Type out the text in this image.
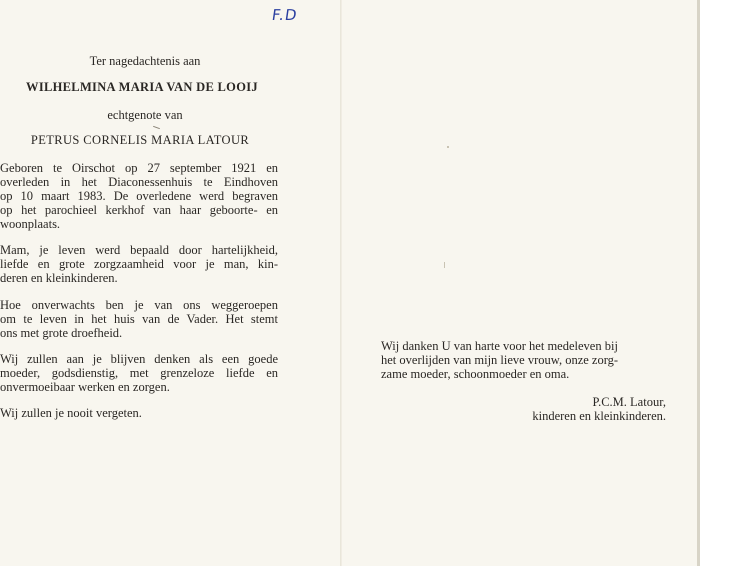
F.D
Ter nagedachtenis aan
WILHELMINA MARIA VAN DE LOOIJ
echtgenote van
PETRUS CORNELIS MARIA LATOUR

Geboren te Oirschot op 27 september 1921 en
overleden in het Diaconessenhuis te Eindhoven
op 10 maart 1983. De overledene werd begraven
op het parochieel kerkhof van haar geboorte- en
woonplaats.

Mam, je leven werd bepaald door hartelijkheid,
liefde en grote zorgzaamheid voor je man, kin-
deren en kleinkinderen.

Hoe onverwachts ben je van ons weggeroepen
om te leven in het huis van de Vader. Het stemt
ons met grote droefheid.

Wij zullen aan je blijven denken als een goede
moeder, godsdienstig, met grenzeloze liefde en
onvermoeibaar werken en zorgen.

Wij zullen je nooit vergeten.

Wij danken U van harte voor het medeleven bij
het overlijden van mijn lieve vrouw, onze zorg-
zame moeder, schoonmoeder en oma.

P.C.M. Latour,
kinderen en kleinkinderen.
